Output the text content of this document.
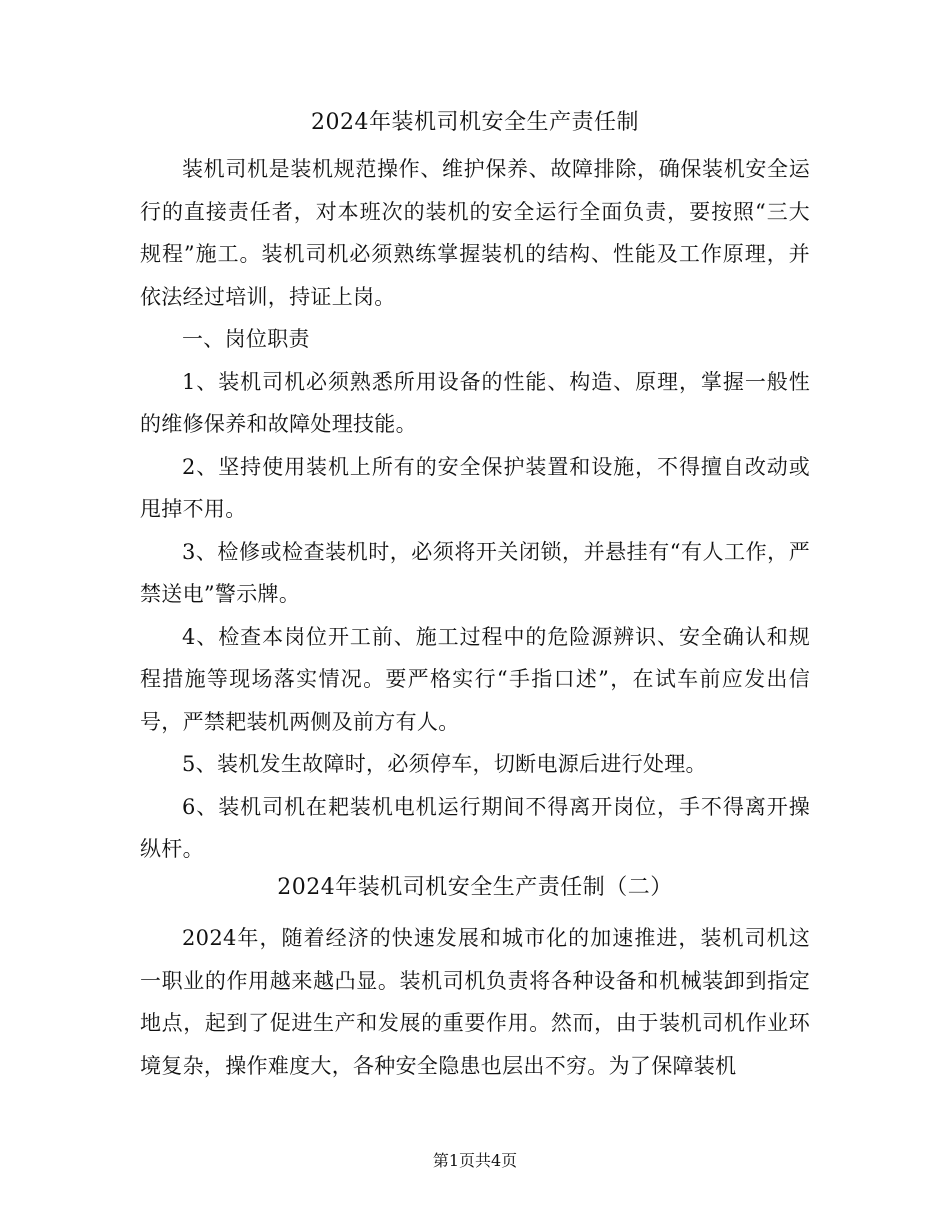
2024年装机司机安全生产责任制

装机司机是装机规范操作、维护保养、故障排除，确保装机安全运行的直接责任者，对本班次的装机的安全运行全面负责，要按照“三大规程”施工。装机司机必须熟练掌握装机的结构、性能及工作原理，并依法经过培训，持证上岗。

一、岗位职责

1、装机司机必须熟悉所用设备的性能、构造、原理，掌握一般性的维修保养和故障处理技能。

2、坚持使用装机上所有的安全保护装置和设施，不得擅自改动或甩掉不用。

3、检修或检查装机时，必须将开关闭锁，并悬挂有“有人工作，严禁送电”警示牌。

4、检查本岗位开工前、施工过程中的危险源辨识、安全确认和规程措施等现场落实情况。要严格实行“手指口述”，在试车前应发出信号，严禁耙装机两侧及前方有人。

5、装机发生故障时，必须停车，切断电源后进行处理。

6、装机司机在耙装机电机运行期间不得离开岗位，手不得离开操纵杆。

2024年装机司机安全生产责任制（二）

2024年，随着经济的快速发展和城市化的加速推进，装机司机这一职业的作用越来越凸显。装机司机负责将各种设备和机械装卸到指定地点，起到了促进生产和发展的重要作用。然而，由于装机司机作业环境复杂，操作难度大，各种安全隐患也层出不穷。为了保障装机

第1页共4页
